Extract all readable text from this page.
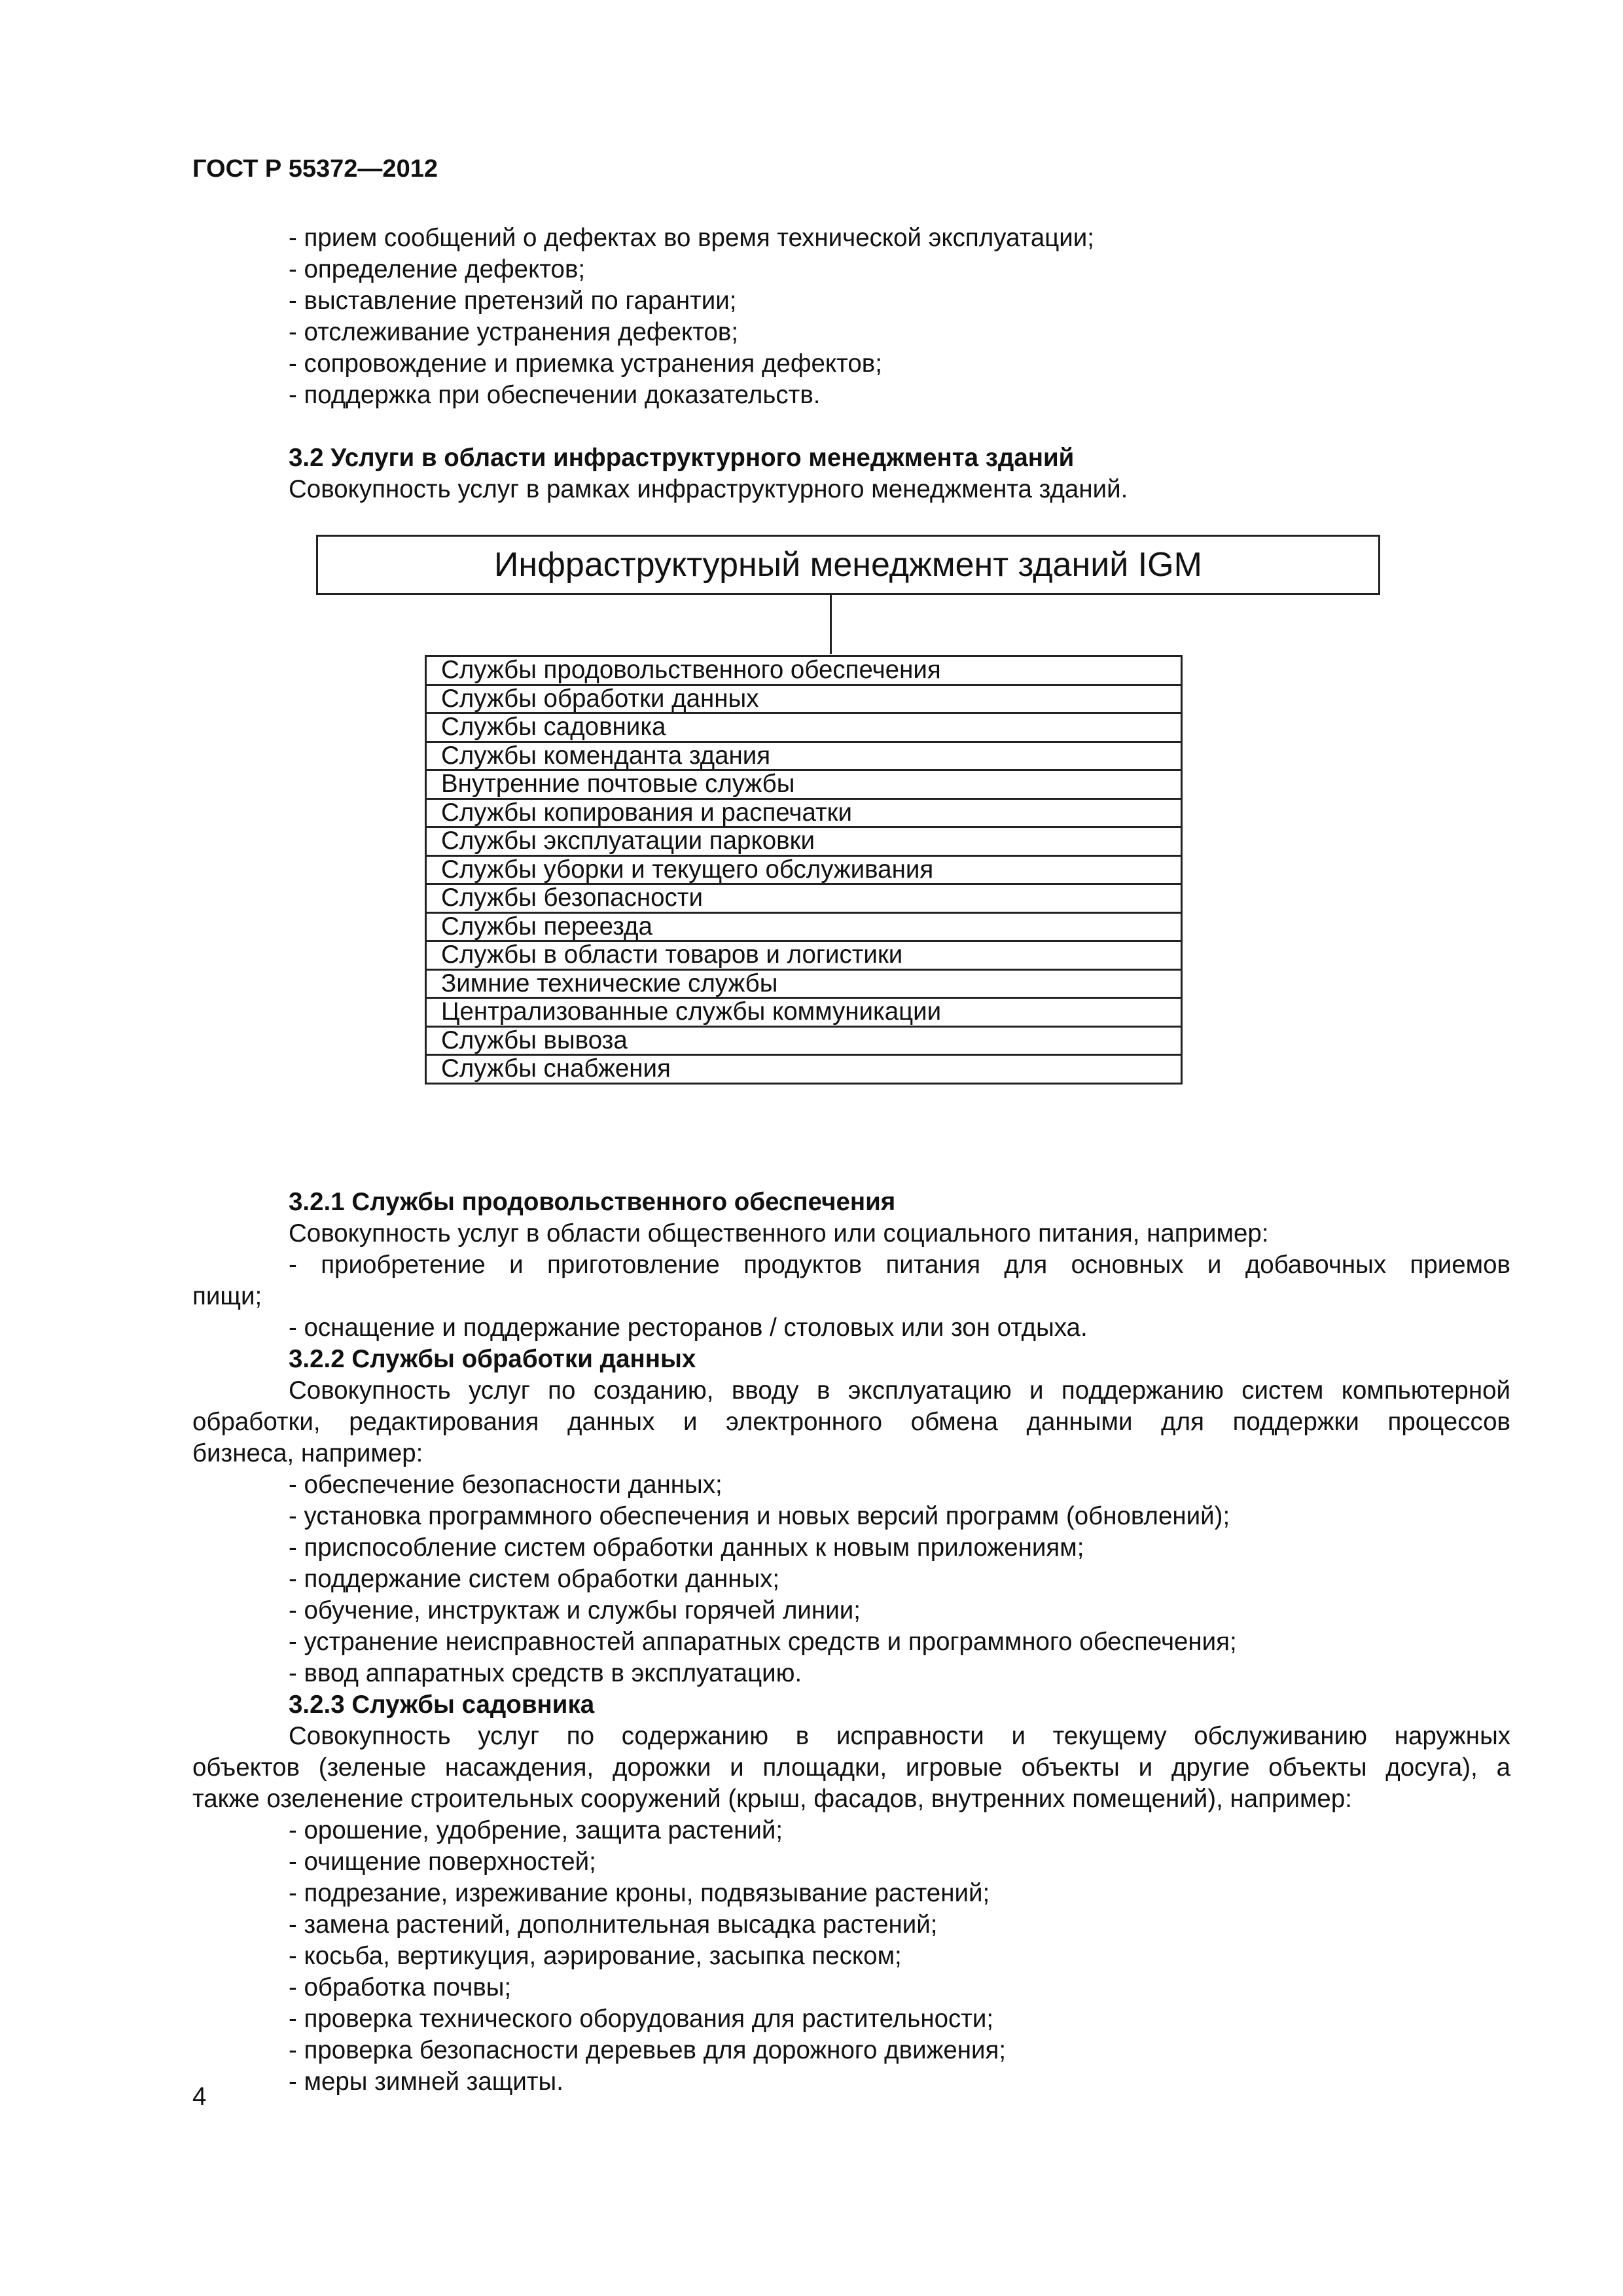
ГОСТ Р 55372—2012
- прием сообщений о дефектах во время технической эксплуатации;
- определение дефектов;
- выставление претензий по гарантии;
- отслеживание устранения дефектов;
- сопровождение и приемка устранения дефектов;
- поддержка при обеспечении доказательств.
3.2 Услуги в области инфраструктурного менеджмента зданий
Совокупность услуг в рамках инфраструктурного менеджмента зданий.
Инфраструктурный менеджмент зданий IGM
Службы продовольственного обеспечения
Службы обработки данных
Службы садовника
Службы коменданта здания
Внутренние почтовые службы
Службы копирования и распечатки
Службы эксплуатации парковки
Службы уборки и текущего обслуживания
Службы безопасности
Службы переезда
Службы в области товаров и логистики
Зимние технические службы
Централизованные службы коммуникации
Службы вывоза
Службы снабжения
3.2.1 Службы продовольственного обеспечения
Совокупность услуг в области общественного или социального питания, например:
- приобретение и приготовление продуктов питания для основных и добавочных приемов
пищи;
- оснащение и поддержание ресторанов / столовых или зон отдыха.
3.2.2 Службы обработки данных
Совокупность услуг по созданию, вводу в эксплуатацию и поддержанию систем компьютерной
обработки, редактирования данных и электронного обмена данными для поддержки процессов
бизнеса, например:
- обеспечение безопасности данных;
- установка программного обеспечения и новых версий программ (обновлений);
- приспособление систем обработки данных к новым приложениям;
- поддержание систем обработки данных;
- обучение, инструктаж и службы горячей линии;
- устранение неисправностей аппаратных средств и программного обеспечения;
- ввод аппаратных средств в эксплуатацию.
3.2.3 Службы садовника
Совокупность услуг по содержанию в исправности и текущему обслуживанию наружных
объектов (зеленые насаждения, дорожки и площадки, игровые объекты и другие объекты досуга), а
также озеленение строительных сооружений (крыш, фасадов, внутренних помещений), например:
- орошение, удобрение, защита растений;
- очищение поверхностей;
- подрезание, изреживание кроны, подвязывание растений;
- замена растений, дополнительная высадка растений;
- косьба, вертикуция, аэрирование, засыпка песком;
- обработка почвы;
- проверка технического оборудования для растительности;
- проверка безопасности деревьев для дорожного движения;
- меры зимней защиты.
4
